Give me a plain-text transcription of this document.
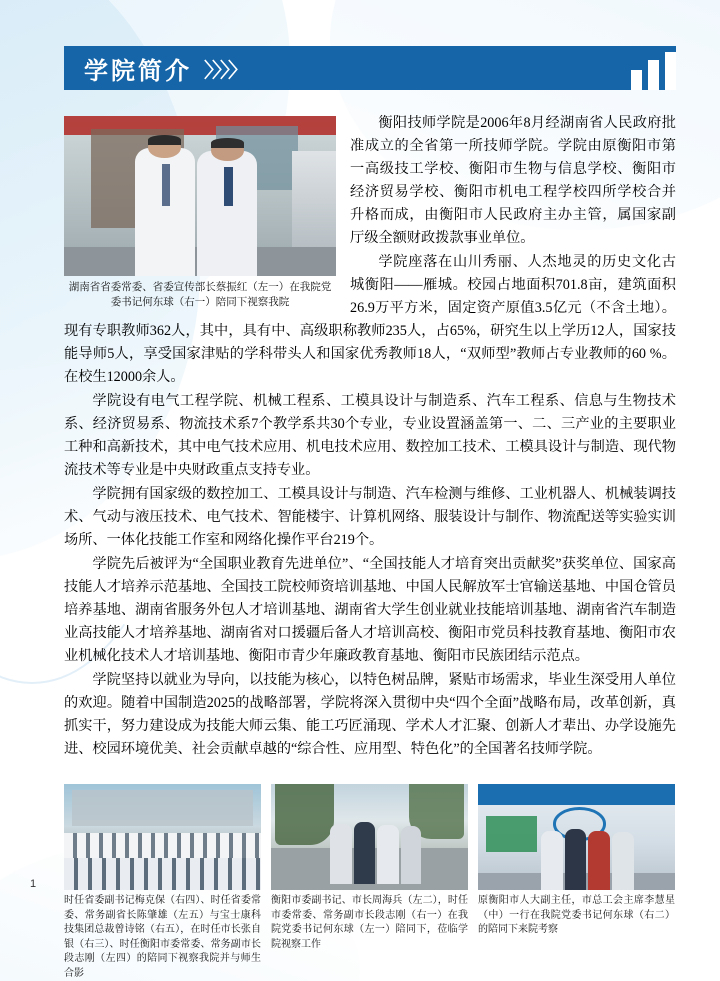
学院简介 〉〉〉〉
湖南省省委常委、省委宣传部长蔡振红（左一）在我院党委书记何东球（右一）陪同下视察我院

衡阳技师学院是2006年8月经湖南省人民政府批准成立的全省第一所技师学院。学院由原衡阳市第一高级技工学校、衡阳市生物与信息学校、衡阳市经济贸易学校、衡阳市机电工程学校四所学校合并升格而成，由衡阳市人民政府主办主管，属国家副厅级全额财政拨款事业单位。

学院座落在山川秀丽、人杰地灵的历史文化古城衡阳——雁城。校园占地面积701.8亩，建筑面积26.9万平方米，固定资产原值3.5亿元（不含土地）。现有专职教师362人，其中，具有中、高级职称教师235人，占65%，研究生以上学历12人，国家技能导师5人，享受国家津贴的学科带头人和国家优秀教师18人，“双师型”教师占专业教师的60 %。在校生12000余人。

学院设有电气工程学院、机械工程系、工模具设计与制造系、汽车工程系、信息与生物技术系、经济贸易系、物流技术系7个教学系共30个专业，专业设置涵盖第一、二、三产业的主要职业工种和高新技术，其中电气技术应用、机电技术应用、数控加工技术、工模具设计与制造、现代物流技术等专业是中央财政重点支持专业。

学院拥有国家级的数控加工、工模具设计与制造、汽车检测与维修、工业机器人、机械装调技术、气动与液压技术、电气技术、智能楼宇、计算机网络、服装设计与制作、物流配送等实验实训场所、一体化技能工作室和网络化操作平台219个。

学院先后被评为“全国职业教育先进单位”、“全国技能人才培育突出贡献奖”获奖单位、国家高技能人才培养示范基地、全国技工院校师资培训基地、中国人民解放军士官输送基地、中国仓管员培养基地、湖南省服务外包人才培训基地、湖南省大学生创业就业技能培训基地、湖南省汽车制造业高技能人才培养基地、湖南省对口援疆后备人才培训高校、衡阳市党员科技教育基地、衡阳市农业机械化技术人才培训基地、衡阳市青少年廉政教育基地、衡阳市民族团结示范点。

学院坚持以就业为导向，以技能为核心，以特色树品牌，紧贴市场需求，毕业生深受用人单位的欢迎。随着中国制造2025的战略部署，学院将深入贯彻中央“四个全面”战略布局，改革创新，真抓实干，努力建设成为技能大师云集、能工巧匠涌现、学术人才汇聚、创新人才辈出、办学设施先进、校园环境优美、社会贡献卓越的“综合性、应用型、特色化”的全国著名技师学院。

时任省委副书记梅克保（右四）、时任省委常委、常务副省长陈肇雄（左五）与宝士康科技集团总裁曾诗铭（右五），在时任市长张自银（右三）、时任衡阳市委常委、常务副市长段志刚（左四）的陪同下视察我院并与师生合影
衡阳市委副书记、市长周海兵（左二），时任市委常委、常务副市长段志刚（右一）在我院党委书记何东球（左一）陪同下，莅临学院视察工作
原衡阳市人大副主任，市总工会主席李慧星（中）一行在我院党委书记何东球（右二）的陪同下来院考察
1
